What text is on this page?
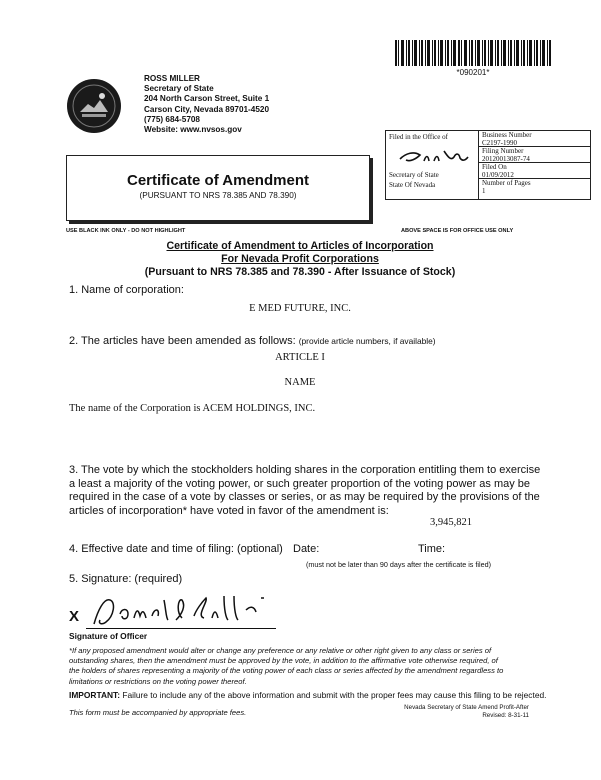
*090201*
ROSS MILLER
Secretary of State
204 North Carson Street, Suite 1
Carson City, Nevada 89701-4520
(775) 684-5708
Website: www.nvsos.gov
Filed in the Office of
Secretary of State
State Of Nevada
Business Number
C2197-1990
Filing Number
20120013087-74
Filed On
01/09/2012
Number of Pages
1
Certificate of Amendment
(PURSUANT TO NRS 78.385 AND 78.390)
USE BLACK INK ONLY - DO NOT HIGHLIGHT	ABOVE SPACE IS FOR OFFICE USE ONLY
Certificate of Amendment to Articles of Incorporation
For Nevada Profit Corporations
(Pursuant to NRS 78.385 and 78.390 - After Issuance of Stock)
1. Name of corporation:
E MED FUTURE, INC.
2. The articles have been amended as follows: (provide article numbers, if available)
ARTICLE I
NAME
The name of the Corporation is ACEM HOLDINGS, INC.
3. The vote by which the stockholders holding shares in the corporation entitling them to exercise
a least a majority of the voting power, or such greater proportion of the voting power as may be
required in the case of a vote by classes or series, or as may be required by the provisions of the
articles of incorporation* have voted in favor of the amendment is:
3,945,821
4. Effective date and time of filing: (optional) Date:	Time:
(must not be later than 90 days after the certificate is filed)
5. Signature: (required)
X
Signature of Officer
*If any proposed amendment would alter or change any preference or any relative or other right given to any class or series of
outstanding shares, then the amendment must be approved by the vote, in addition to the affirmative vote otherwise required, of
the holders of shares representing a majority of the voting power of each class or series affected by the amendment regardless to
limitations or restrictions on the voting power thereof.
IMPORTANT: Failure to include any of the above information and submit with the proper fees may cause this filing to be rejected.
This form must be accompanied by appropriate fees.
Nevada Secretary of State Amend Profit-After
Revised: 8-31-11
